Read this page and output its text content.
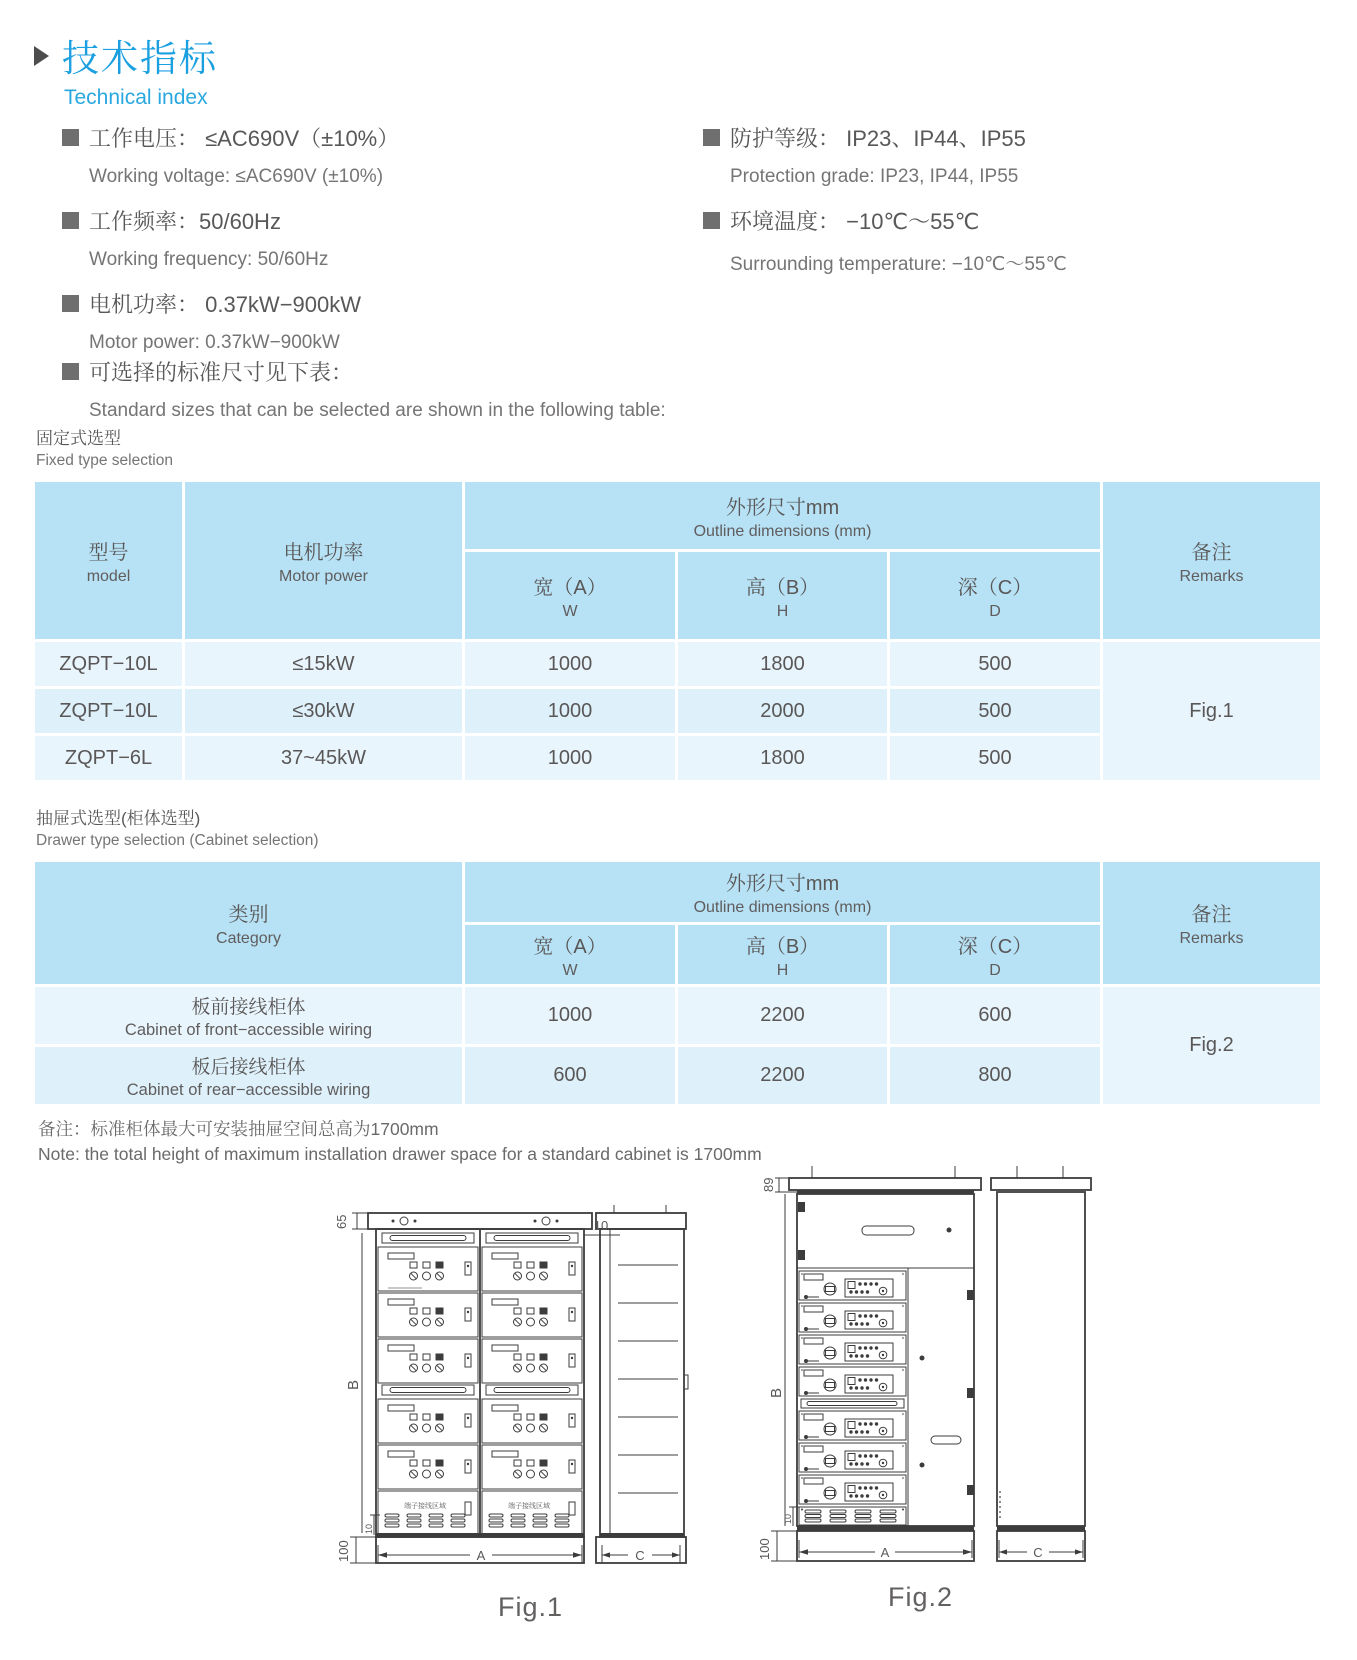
技术指标
Technical index
工作电压： ≤AC690V（±10%）
Working voltage: ≤AC690V (±10%)
工作频率：50/60Hz
Working frequency: 50/60Hz
电机功率： 0.37kW−900kW
Motor power: 0.37kW−900kW
防护等级： IP23、IP44、IP55
Protection grade: IP23, IP44, IP55
环境温度： −10℃～55℃
Surrounding temperature: −10℃～55℃
可选择的标准尺寸见下表：
Standard sizes that can be selected are shown in the following table:
固定式选型
Fixed type selection
型号
model
电机功率
Motor power
外形尺寸mm
Outline dimensions (mm)
备注
Remarks
宽（A）
W
高（B）
H
深（C）
D
ZQPT−10L	≤15kW	1000	1800	500
Fig.1
ZQPT−10L	≤30kW	1000	2000	500
ZQPT−6L	37~45kW	1000	1800	500
抽屉式选型(柜体选型)
Drawer type selection (Cabinet selection)
类别
Category
外形尺寸mm
Outline dimensions (mm)	备注
Remarks
宽（A）
W
高（B）
H
深（C）
D
板前接线柜体
Cabinet of front−accessible wiring
1000	2200	600
Fig.2
板后接线柜体
Cabinet of rear−accessible wiring
600	2200	800
备注：标准柜体最大可安装抽屉空间总高为1700mm
Note: the total height of maximum installation drawer space for a standard cabinet is 1700mm
端子接线区域	端子接线区域
A	C
65
B
10
10
100	A	C
89
B
10
100
Fig.1	Fig.2
